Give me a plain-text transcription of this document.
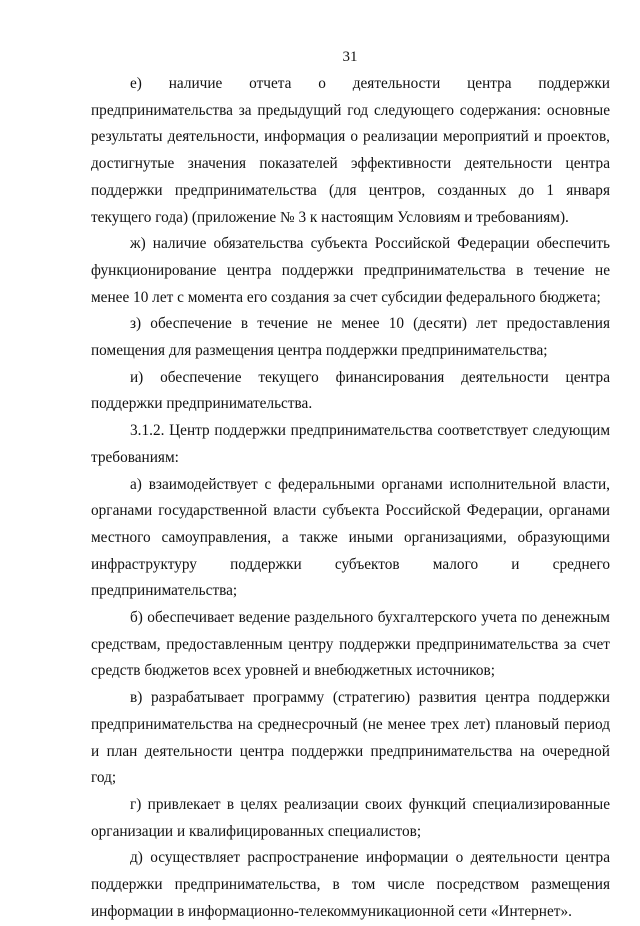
31

е) наличие отчета о деятельности центра поддержки предпринимательства за предыдущий год следующего содержания: основные результаты деятельности, информация о реализации мероприятий и проектов, достигнутые значения показателей эффективности деятельности центра поддержки предпринимательства (для центров, созданных до 1 января текущего года) (приложение № 3 к настоящим Условиям и требованиям).

ж) наличие обязательства субъекта Российской Федерации обеспечить функционирование центра поддержки предпринимательства в течение не менее 10 лет с момента его создания за счет субсидии федерального бюджета;

з) обеспечение в течение не менее 10 (десяти) лет предоставления помещения для размещения центра поддержки предпринимательства;

и) обеспечение текущего финансирования деятельности центра поддержки предпринимательства.

3.1.2. Центр поддержки предпринимательства соответствует следующим требованиям:

а) взаимодействует с федеральными органами исполнительной власти, органами государственной власти субъекта Российской Федерации, органами местного самоуправления, а также иными организациями, образующими инфраструктуру поддержки субъектов малого и среднего предпринимательства;

б) обеспечивает ведение раздельного бухгалтерского учета по денежным средствам, предоставленным центру поддержки предпринимательства за счет средств бюджетов всех уровней и внебюджетных источников;

в) разрабатывает программу (стратегию) развития центра поддержки предпринимательства на среднесрочный (не менее трех лет) плановый период и план деятельности центра поддержки предпринимательства на очередной год;

г) привлекает в целях реализации своих функций специализированные организации и квалифицированных специалистов;

д) осуществляет распространение информации о деятельности центра поддержки предпринимательства, в том числе посредством размещения информации в информационно-телекоммуникационной сети «Интернет».
